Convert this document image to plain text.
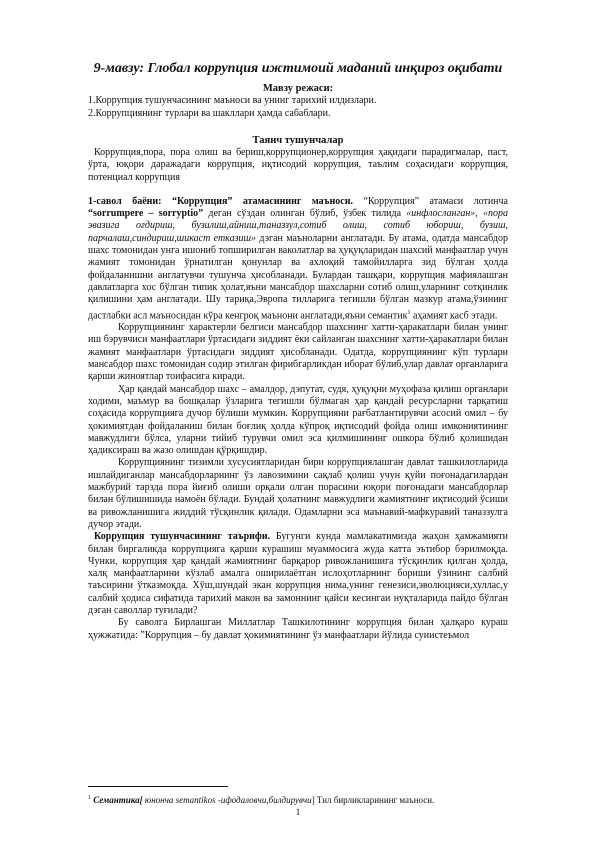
9-мавзу: Глобал коррупция ижтимоий маданий инқироз оқибати
Мавзу режаси:
1.Коррупция тушунчасининг маъноси ва унинг тарихий илдизлари.
2.Коррупциянинг турлари ва шакллари ҳамда сабаблари.
Таянч тушунчалар

Коррупция,пора, пора олиш ва бериш,коррупционер,коррупция ҳақидаги парадигмалар, паст, ўрта, юқори даражадаги коррупция, иқтисодий коррупция, таълим соҳасидаги коррупция, потенциал коррупция

1-савол баёни: “Коррупция” атамасининг маъноси. “Коррупция” атамаси лотинча “sorrumpere – sorryptio” деган сўздан олинган бўлиб, ўзбек тилида «инфлосланган», «пора эвазига оғдириш, бузилиш,айниш,таназзул,сотиб олиш, сотиб юбориш, бузиш, парчалаш,синдириш,шикаст етказиш» дэган маъноларни англатади. Бу атама, одатда мансабдор шахс томонидан унга ишониб топширилган ваколатлар ва ҳуқуқларидан шахсий манфаатлар учун жамият томонидан ўрнатилган қонунлар ва ахлоқий тамойилларга зид бўлган ҳолда фойдаланишни англатувчи тушунча ҳисобланади. Булардан ташқари, коррупция мафиялашган давлатларга хос бўлган типик ҳолат,яъни мансабдор шахсларни сотиб олиш,уларнинг сотқинлик қилишини ҳам англатади. Шу тариқа,Эвропа тилларига тегишли бўлган мазкур атама,ўзининг дастлабки асл маъносидан кўра кенгроқ маънони англатади,яъни семантик$^1$ аҳамият касб этади.

Коррупциянинг характерли белгиси мансабдор шахснинг хатти-ҳаракатлари билан унинг иш бэрувчиси манфаатлари ўртасидаги зиддият ёки сайланган шахснинг хатти-ҳаракатлари билан жамият манфаатлари ўртасидаги зиддият ҳисобланади. Одатда, коррупциянинг кўп турлари мансабдор шахс томонидан содир этилган фирибгарликдан иборат бўлиб,улар давлат органларига қарши жиноятлар тоифасига киради.

Ҳар қандай мансабдор шахс – амалдор, дэпутат, судя, ҳуқуқни муҳофаза қилиш органлари ходими, маъмур ва бошқалар ўзларига тегишли бўлмаган ҳар қандай ресурсларни тарқатиш соҳасида коррупцияга дучор бўлиши мумкин. Коррупцияни рағбатлантирувчи асосий омил – бу ҳокимиятдан фойдаланиш билан боғлиқ ҳолда кўпроқ иқтисодий фойда олиш имкониятининг мавжудлиги бўлса, уларни тийиб турувчи омил эса қилмишининг ошкора бўлиб қолишидан ҳадиксираш ва жазо олишдан қўрқишдир.

Коррупциянинг тизимли хусусиятларидан бири коррупциялашган давлат ташкилотларида ишлайдиганлар мансабдорларнинг ўз лавозимини сақлаб қолиш учун қуйи поғонадагилардан мажбурий тарзда пора йиғиб олиши орқали олган порасини юқори поғонадаги мансабдорлар билан бўлишишида намоён бўлади. Бундай ҳолатнинг мавжудлиги жамиятнинг иқтисодий ўсиши ва ривожланишига жиддий тўсқинлик қилади. Одамларни эса маънавий-мафкуравий таназзулга дучор этади.

Коррупция тушунчасининг таърифи. Бугунги кунда мамлакатимизда жаҳон ҳамжамияти билан биргаликда коррупцияга қарши курашиш муаммосига жуда катта эътибор бэрилмоқда. Чунки, коррупция ҳар қандай жамиятнинг барқарор ривожланишига тўсқинлик қилган ҳолда, халқ манфаатларини кўзлаб амалга оширилаётган ислоҳотларнинг бориши ўзининг салбий таъсирини ўтказмоқда. Хўш,шундай экан коррупция нима,унинг генезиси,эволюцияси,хуллас,у салбий ҳодиса сифатида тарихий макон ва замоннинг қайси кесингаи нуқталарида пайдо бўлган дэган саволлар туғилади?

Бу саволга Бирлашган Миллатлар Ташкилотининг коррупция билан ҳалқаро кураш ҳужжатида: ”Коррупция – бу давлат ҳокимиятининг ўз манфаатлари йўлида суиистеъмол

$^1$ Семантика[ юнонча semantikos -ифодаловчи,билдирувчи] Тил бирликларининг маъноси.
1
